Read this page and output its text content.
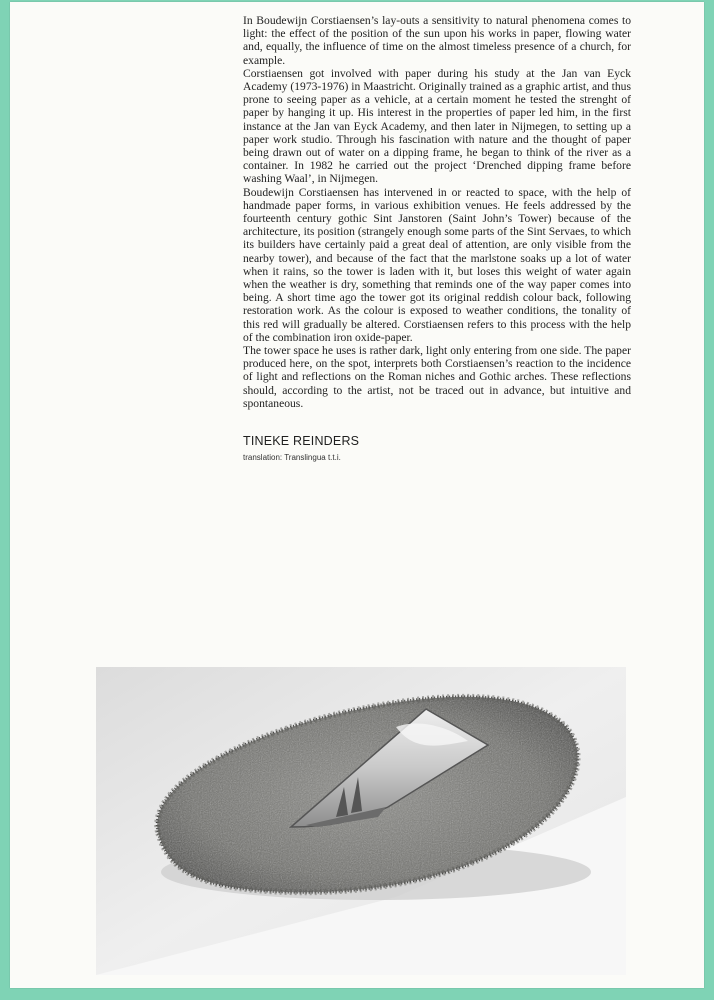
In Boudewijn Corstiaensen’s lay-outs a sensitivity to natural phenomena comes to light: the effect of the position of the sun upon his works in paper, flowing water and, equally, the influence of time on the almost timeless presence of a church, for example.

Corstiaensen got involved with paper during his study at the Jan van Eyck Academy (1973-1976) in Maastricht. Originally trained as a graphic artist, and thus prone to seeing paper as a vehicle, at a certain moment he tested the strenght of paper by hanging it up. His interest in the properties of paper led him, in the first instance at the Jan van Eyck Academy, and then later in Nijmegen, to setting up a paper work studio. Through his fascination with nature and the thought of paper being drawn out of water on a dipping frame, he began to think of the river as a container. In 1982 he carried out the project ‘Drenched dipping frame before washing Waal’, in Nijmegen.

Boudewijn Corstiaensen has intervened in or reacted to space, with the help of handmade paper forms, in various exhibition venues. He feels addressed by the fourteenth century gothic Sint Janstoren (Saint John’s Tower) because of the architecture, its position (strangely enough some parts of the Sint Servaes, to which its builders have certainly paid a great deal of attention, are only visible from the nearby tower), and because of the fact that the marlstone soaks up a lot of water when it rains, so the tower is laden with it, but loses this weight of water again when the weather is dry, something that reminds one of the way paper comes into being. A short time ago the tower got its original reddish colour back, following restoration work. As the colour is exposed to weather conditions, the tonality of this red will gradually be altered. Corstiaensen refers to this process with the help of the combination iron oxide-paper.

The tower space he uses is rather dark, light only entering from one side. The paper produced here, on the spot, interprets both Corstiaensen’s reaction to the incidence of light and reflections on the Roman niches and Gothic arches. These reflections should, according to the artist, not be traced out in advance, but intuitive and spontaneous.

TINEKE REINDERS
translation: Translingua t.t.i.
